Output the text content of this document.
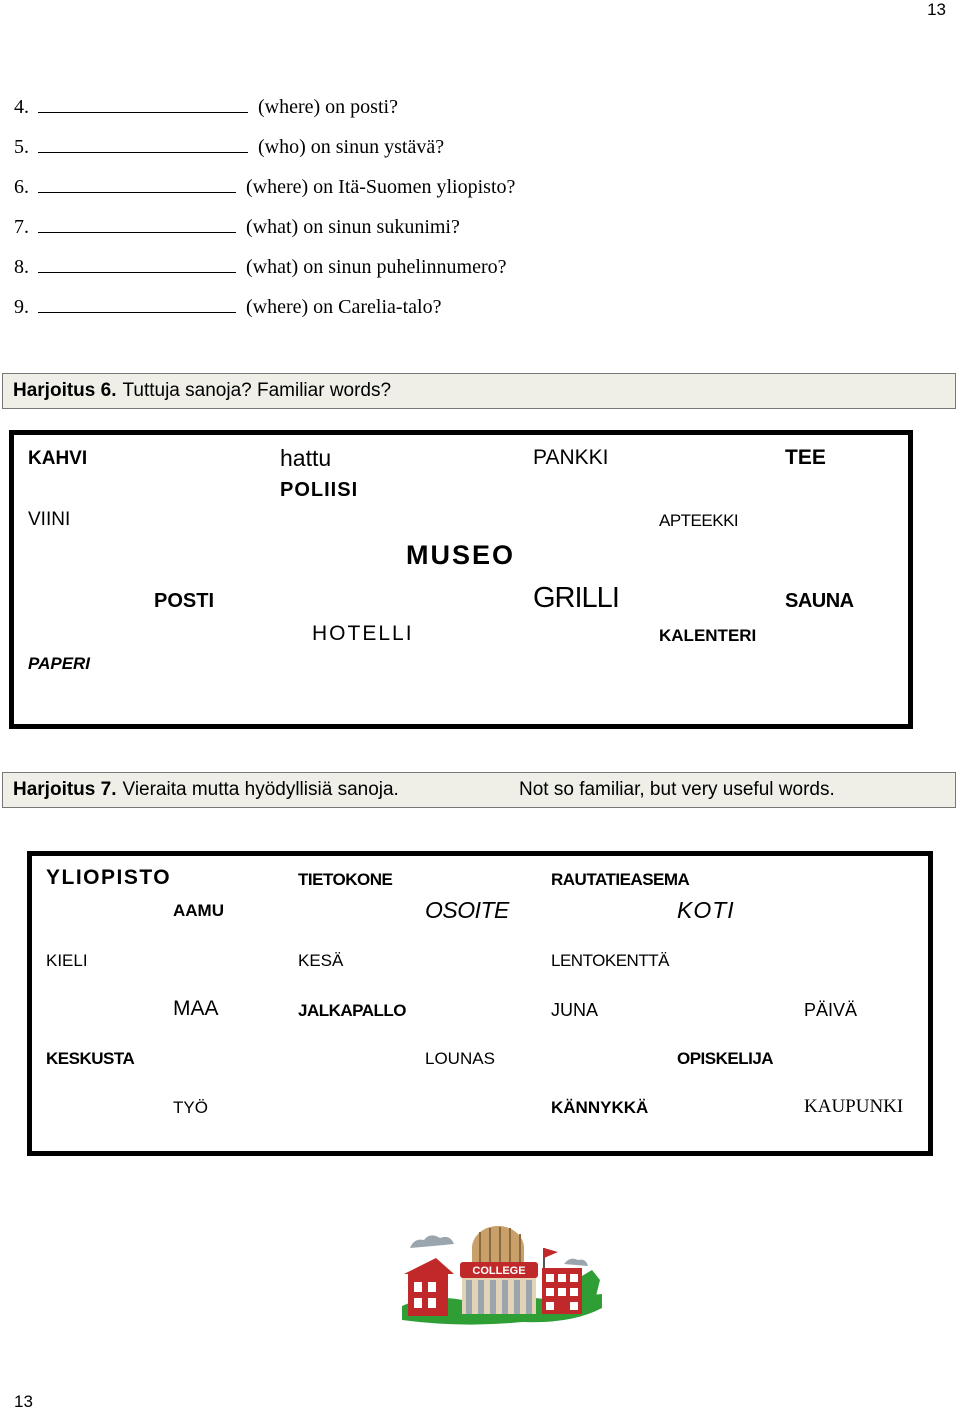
13
4.	(where) on posti?
5.	(who) on sinun ystävä?
6.	(where) on Itä-Suomen yliopisto?
7.	(what) on sinun sukunimi?
8.	(what) on sinun puhelinnumero?
9.	(where) on Carelia-talo?
Harjoitus 6. Tuttuja sanoja? Familiar words?
KAHVI	hattu	PANKKI	TEE
POLIISI
VIINI	APTEEKKI
MUSEO
POSTI	GRILLI	SAUNA
HOTELLI	KALENTERI
PAPERI
Harjoitus 7. Vieraita mutta hyödyllisiä sanoja.	Not so familiar, but very useful words.
YLIOPISTO	TIETOKONE	RAUTATIEASEMA
AAMU	OSOITE	KOTI
KIELI	KESÄ	LENTOKENTTÄ
MAA	JALKAPALLO	JUNA	PÄIVÄ
KESKUSTA	LOUNAS	OPISKELIJA
TYÖ	KÄNNYKKÄ	KAUPUNKI
COLLEGE
13
